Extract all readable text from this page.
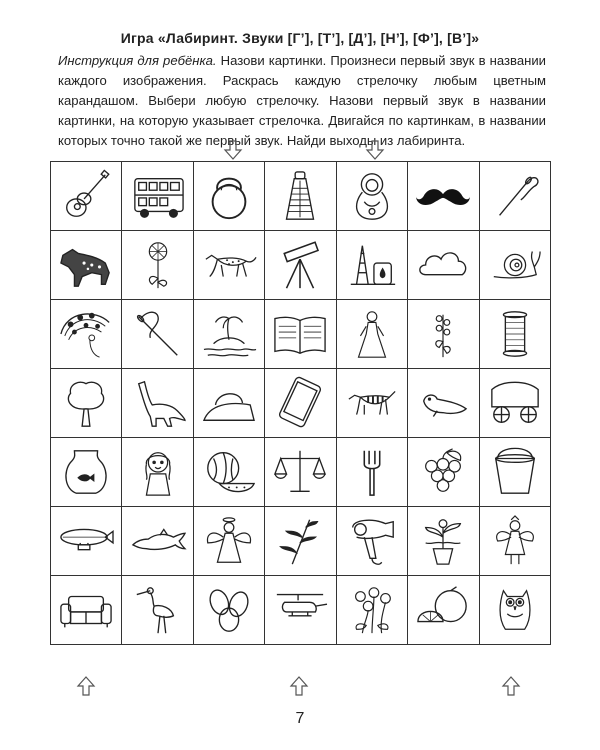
Игра «Лабиринт. Звуки [Г’], [Т’], [Д’], [Н’], [Ф’], [В’]»
Инструкция для ребёнка. Назови картинки. Произнеси первый звук в названии каждого изображения. Раскрась каждую стрелочку любым цветным карандашом. Выбери любую стрелочку. Назови первый звук в названии картинки, на которую указывает стрелочка. Двигайся по картинкам, в названии которых точно такой же первый звук. Найди выходы из лабиринта.
7
